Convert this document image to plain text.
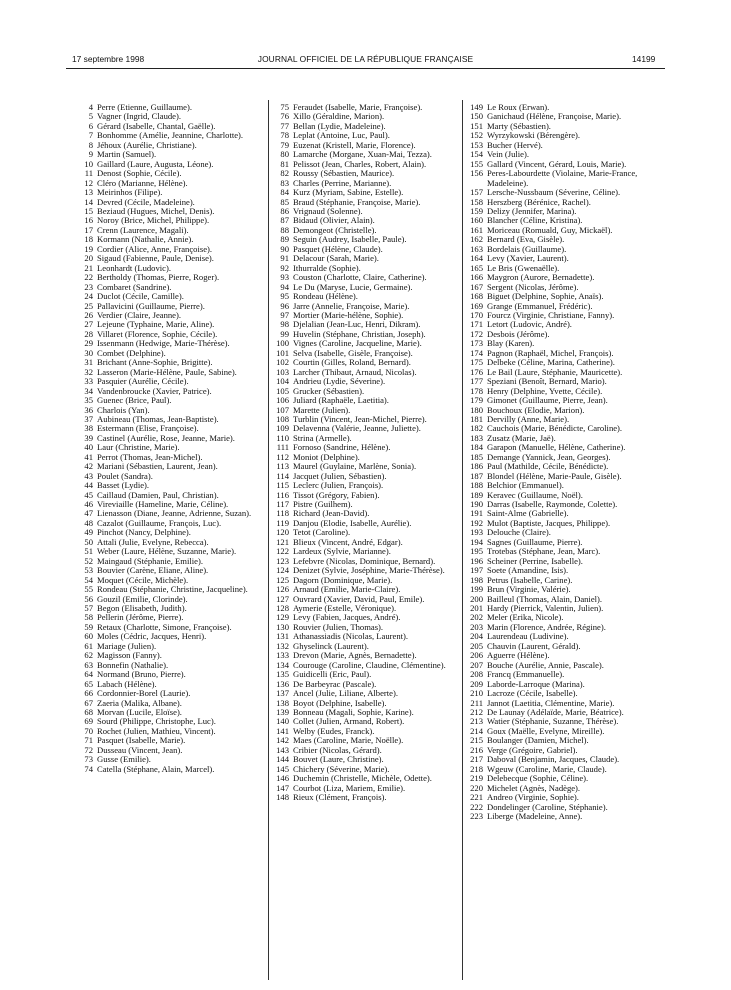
17 septembre 1998	JOURNAL OFFICIEL DE LA RÉPUBLIQUE FRANÇAISE	14199
4 Perre (Etienne, Guillaume).
5 Vagner (Ingrid, Claude).
6 Gérard (Isabelle, Chantal, Gaëlle).
7 Bonhomme (Amélie, Jeannine, Charlotte).
8 Jéhoux (Aurélie, Christiane).
9 Martin (Samuel).
10 Gaillard (Laure, Augusta, Léone).
11 Denost (Sophie, Cécile).
12 Cléro (Marianne, Hélène).
13 Meirinhos (Filipe).
14 Devred (Cécile, Madeleine).
15 Beziaud (Hugues, Michel, Denis).
16 Noroy (Brice, Michel, Philippe).
17 Crenn (Laurence, Magali).
18 Kormann (Nathalie, Annie).
19 Cordier (Alice, Anne, Françoise).
20 Sigaud (Fabienne, Paule, Denise).
21 Leonhardt (Ludovic).
22 Bertholdy (Thomas, Pierre, Roger).
23 Combaret (Sandrine).
24 Duclot (Cécile, Camille).
25 Pallavicini (Guillaume, Pierre).
26 Verdier (Claire, Jeanne).
27 Lejeune (Typhaine, Marie, Aline).
28 Villaret (Florence, Sophie, Cécile).
29 Issenmann (Hedwige, Marie-Thérèse).
30 Combet (Delphine).
31 Brichant (Anne-Sophie, Brigitte).
32 Lasseron (Marie-Hélène, Paule, Sabine).
33 Pasquier (Aurélie, Cécile).
34 Vandenbroucke (Xavier, Patrice).
35 Guenec (Brice, Paul).
36 Charlois (Yan).
37 Aubineau (Thomas, Jean-Baptiste).
38 Estermann (Elise, Françoise).
39 Castinel (Aurélie, Rose, Jeanne, Marie).
40 Laur (Christine, Marie).
41 Perrot (Thomas, Jean-Michel).
42 Mariani (Sébastien, Laurent, Jean).
43 Poulet (Sandra).
44 Basset (Lydie).
45 Caillaud (Damien, Paul, Christian).
46 Vireviaille (Hameline, Marie, Céline).
47 Lienasson (Diane, Jeanne, Adrienne, Suzan).
48 Cazalot (Guillaume, François, Luc).
49 Pinchot (Nancy, Delphine).
50 Attali (Julie, Evelyne, Rebecca).
51 Weber (Laure, Hélène, Suzanne, Marie).
52 Maingaud (Stéphanie, Emilie).
53 Bouvier (Carène, Eliane, Aline).
54 Moquet (Cécile, Michèle).
55 Rondeau (Stéphanie, Christine, Jacqueline).
56 Gouzil (Emilie, Clorinde).
57 Begon (Elisabeth, Judith).
58 Pellerin (Jérôme, Pierre).
59 Retaux (Charlotte, Simone, Françoise).
60 Moles (Cédric, Jacques, Henri).
61 Mariage (Julien).
62 Magisson (Fanny).
63 Bonnefin (Nathalie).
64 Normand (Bruno, Pierre).
65 Labach (Hélène).
66 Cordonnier-Borel (Laurie).
67 Zaeria (Malika, Albane).
68 Morvan (Lucile, Eloïse).
69 Sourd (Philippe, Christophe, Luc).
70 Rochet (Julien, Mathieu, Vincent).
71 Pasquet (Isabelle, Marie).
72 Dusseau (Vincent, Jean).
73 Gusse (Emilie).
74 Catella (Stéphane, Alain, Marcel).
75 Feraudet (Isabelle, Marie, Françoise).
76 Xillo (Géraldine, Marion).
77 Bellan (Lydie, Madeleine).
78 Leplat (Antoine, Luc, Paul).
79 Euzenat (Kristell, Marie, Florence).
80 Lamarche (Morgane, Xuan-Mai, Tezza).
81 Pelissot (Jean, Charles, Robert, Alain).
82 Roussy (Sébastien, Maurice).
83 Charles (Perrine, Marianne).
84 Kurz (Myriam, Sabine, Estelle).
85 Braud (Stéphanie, Françoise, Marie).
86 Vrignaud (Solenne).
87 Bidaud (Olivier, Alain).
88 Demongeot (Christelle).
89 Seguin (Audrey, Isabelle, Paule).
90 Pasquet (Hélène, Claude).
91 Delacour (Sarah, Marie).
92 Ithurralde (Sophie).
93 Couston (Charlotte, Claire, Catherine).
94 Le Du (Maryse, Lucie, Germaine).
95 Rondeau (Hélène).
96 Jarre (Annelie, Françoise, Marie).
97 Mortier (Marie-hélène, Sophie).
98 Djelalian (Jean-Luc, Henri, Dikram).
99 Huvelin (Stéphane, Christian, Joseph).
100 Vignes (Caroline, Jacqueline, Marie).
101 Selva (Isabelle, Gisèle, Françoise).
102 Courtin (Gilles, Roland, Bernard).
103 Larcher (Thibaut, Arnaud, Nicolas).
104 Andrieu (Lydie, Séverine).
105 Grucker (Sébastien).
106 Juliard (Raphaële, Laetitia).
107 Marette (Julien).
108 Turblin (Vincent, Jean-Michel, Pierre).
109 Delavenna (Valérie, Jeanne, Juliette).
110 Strina (Armelle).
111 Fornoso (Sandrine, Hélène).
112 Moniot (Delphine).
113 Maurel (Guylaine, Marlène, Sonia).
114 Jacquet (Julien, Sébastien).
115 Leclerc (Julien, François).
116 Tissot (Grégory, Fabien).
117 Pistre (Guilhem).
118 Richard (Jean-David).
119 Danjou (Elodie, Isabelle, Aurélie).
120 Tetot (Caroline).
121 Blieux (Vincent, André, Edgar).
122 Lardeux (Sylvie, Marianne).
123 Lefebvre (Nicolas, Dominique, Bernard).
124 Denizet (Sylvie, Joséphine, Marie-Thérèse).
125 Dagorn (Dominique, Marie).
126 Arnaud (Emilie, Marie-Claire).
127 Ouvrard (Xavier, David, Paul, Emile).
128 Aymerie (Estelle, Véronique).
129 Levy (Fabien, Jacques, André).
130 Rouvier (Julien, Thomas).
131 Athanassiadis (Nicolas, Laurent).
132 Ghyselinck (Laurent).
133 Drevon (Marie, Agnès, Bernadette).
134 Courouge (Caroline, Claudine, Clémentine).
135 Guidicelli (Eric, Paul).
136 De Barbeyrac (Pascale).
137 Ancel (Julie, Liliane, Alberte).
138 Boyot (Delphine, Isabelle).
139 Bonneau (Magali, Sophie, Karine).
140 Collet (Julien, Armand, Robert).
141 Welby (Eudes, Franck).
142 Maes (Caroline, Marie, Noëlle).
143 Cribier (Nicolas, Gérard).
144 Bouvet (Laure, Christine).
145 Chichery (Séverine, Marie).
146 Duchemin (Christelle, Michèle, Odette).
147 Courbot (Liza, Mariem, Emilie).
148 Rieux (Clément, François).
149 Le Roux (Erwan).
150 Ganichaud (Hélène, Françoise, Marie).
151 Marty (Sébastien).
152 Wyrzykowski (Bérengère).
153 Bucher (Hervé).
154 Vein (Julie).
155 Gallard (Vincent, Gérard, Louis, Marie).
156 Peres-Labourdette (Violaine, Marie-France, Madeleine).
157 Lersche-Nussbaum (Séverine, Céline).
158 Herszberg (Bérénice, Rachel).
159 Delizy (Jennifer, Marina).
160 Blancher (Céline, Kristina).
161 Moriceau (Romuald, Guy, Mickaël).
162 Bernard (Eva, Gisèle).
163 Bordelais (Guillaume).
164 Levy (Xavier, Laurent).
165 Le Bris (Gwenaëlle).
166 Maygron (Aurore, Bernadette).
167 Sergent (Nicolas, Jérôme).
168 Biguet (Delphine, Sophie, Anaïs).
169 Grange (Emmanuel, Frédéric).
170 Fourcz (Virginie, Christiane, Fanny).
171 Letort (Ludovic, André).
172 Desbois (Jérôme).
173 Blay (Karen).
174 Pagnon (Raphaël, Michel, François).
175 Delbeke (Céline, Marina, Catherine).
176 Le Bail (Laure, Stéphanie, Mauricette).
177 Speziani (Benoît, Bernard, Mario).
178 Henry (Delphine, Yvette, Cécile).
179 Gimonet (Guillaume, Pierre, Jean).
180 Bouchoux (Elodie, Marion).
181 Dervilly (Anne, Marie).
182 Cauchois (Marie, Bénédicte, Caroline).
183 Zusatz (Marie, Jaë).
184 Garapon (Manuelle, Hélène, Catherine).
185 Demange (Yannick, Jean, Georges).
186 Paul (Mathilde, Cécile, Bénédicte).
187 Blondel (Hélène, Marie-Paule, Gisèle).
188 Belchior (Emmanuel).
189 Keravec (Guillaume, Noël).
190 Darras (Isabelle, Raymonde, Colette).
191 Saint-Alme (Gabrielle).
192 Mulot (Baptiste, Jacques, Philippe).
193 Delouche (Claire).
194 Sagnes (Guillaume, Pierre).
195 Trotebas (Stéphane, Jean, Marc).
196 Scheiner (Perrine, Isabelle).
197 Soete (Amandine, Isis).
198 Petrus (Isabelle, Carine).
199 Brun (Virginie, Valérie).
200 Bailleul (Thomas, Alain, Daniel).
201 Hardy (Pierrick, Valentin, Julien).
202 Meler (Erika, Nicole).
203 Marin (Florence, Andrée, Régine).
204 Laurendeau (Ludivine).
205 Chauvin (Laurent, Gérald).
206 Aguerre (Hélène).
207 Bouche (Aurélie, Annie, Pascale).
208 Francq (Emmanuelle).
209 Laborde-Larroque (Marina).
210 Lacroze (Cécile, Isabelle).
211 Jannot (Laetitia, Clémentine, Marie).
212 De Launay (Adélaïde, Marie, Béatrice).
213 Watier (Stéphanie, Suzanne, Thérèse).
214 Goux (Maëlle, Evelyne, Mireille).
215 Boulanger (Damien, Michel).
216 Verge (Grégoire, Gabriel).
217 Daboval (Benjamin, Jacques, Claude).
218 Wgeuw (Caroline, Marie, Claude).
219 Delebecque (Sophie, Céline).
220 Michelet (Agnès, Nadège).
221 Andreo (Virginie, Sophie).
222 Dondelinger (Caroline, Stéphanie).
223 Liberge (Madeleine, Anne).
